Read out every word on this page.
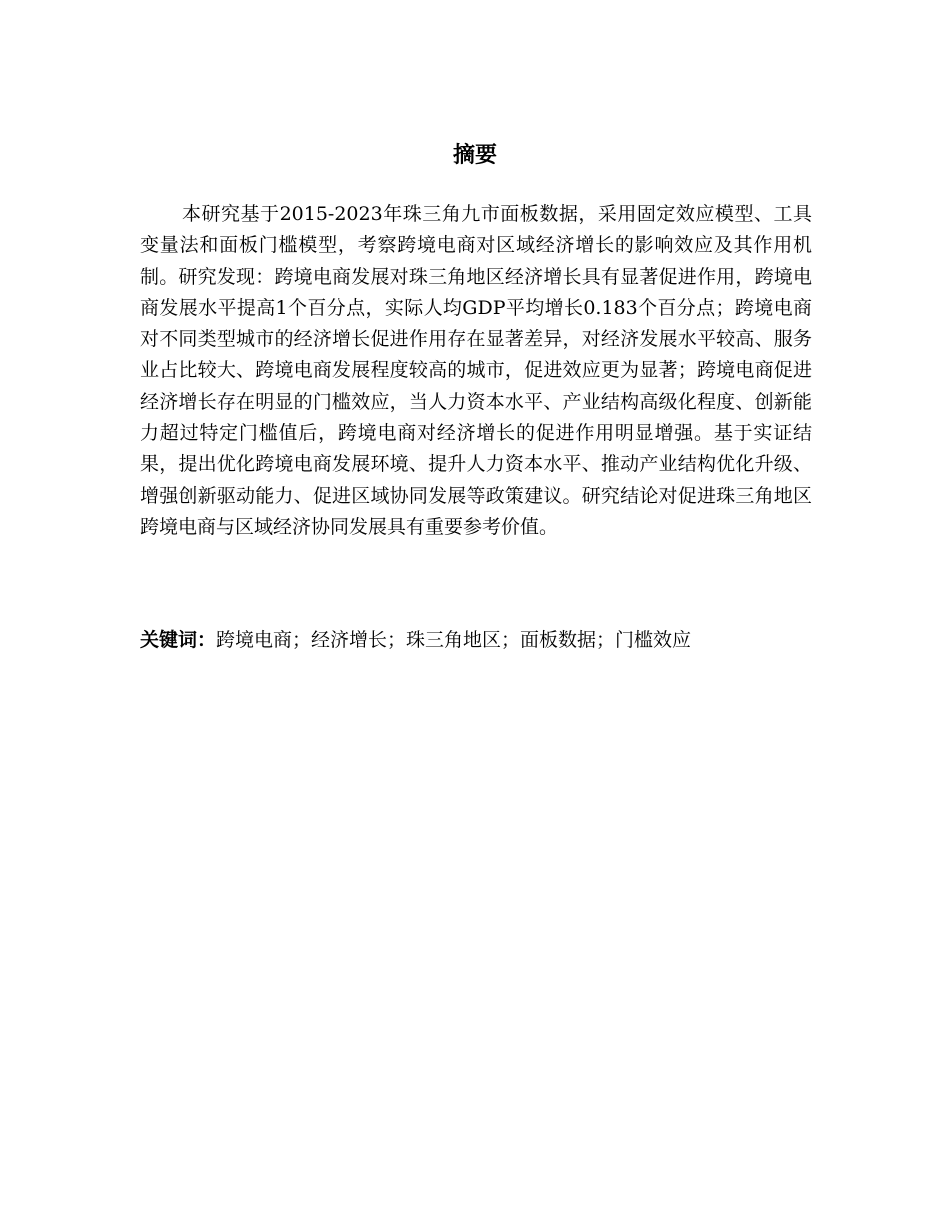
摘要

本研究基于2015-2023年珠三角九市面板数据，采用固定效应模型、工具变量法和面板门槛模型，考察跨境电商对区域经济增长的影响效应及其作用机制。研究发现：跨境电商发展对珠三角地区经济增长具有显著促进作用，跨境电商发展水平提高1个百分点，实际人均GDP平均增长0.183个百分点；跨境电商对不同类型城市的经济增长促进作用存在显著差异，对经济发展水平较高、服务业占比较大、跨境电商发展程度较高的城市，促进效应更为显著；跨境电商促进经济增长存在明显的门槛效应，当人力资本水平、产业结构高级化程度、创新能力超过特定门槛值后，跨境电商对经济增长的促进作用明显增强。基于实证结果，提出优化跨境电商发展环境、提升人力资本水平、推动产业结构优化升级、增强创新驱动能力、促进区域协同发展等政策建议。研究结论对促进珠三角地区跨境电商与区域经济协同发展具有重要参考价值。

关键词：跨境电商；经济增长；珠三角地区；面板数据；门槛效应
